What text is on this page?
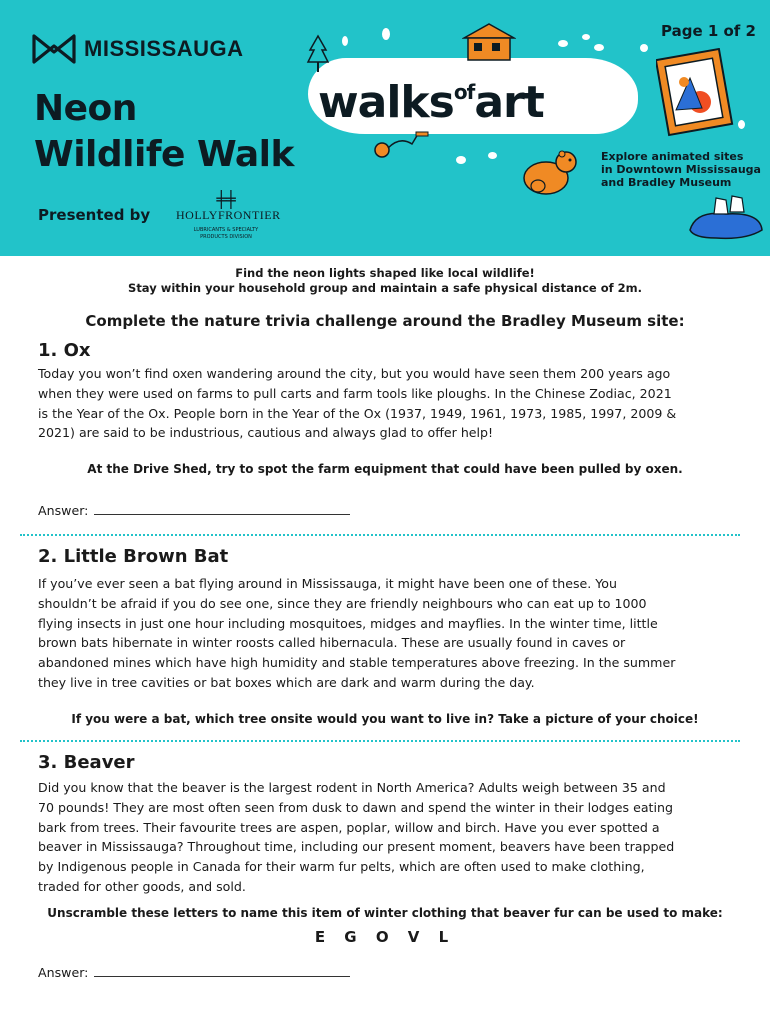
MISSISSAUGA
Page 1 of 2
Neon
Wildlife Walk
Presented by
╪╪
HOLLYFRONTIER
LUBRICANTS & SPECIALTY
PRODUCTS DIVISION
walks$^{of}$art
Explore animated sites
in Downtown Mississauga
and Bradley Museum
Find the neon lights shaped like local wildlife!
Stay within your household group and maintain a safe physical distance of 2m.
Complete the nature trivia challenge around the Bradley Museum site:
1. Ox
Today you won’t find oxen wandering around the city, but you would have seen them 200 years ago
when they were used on farms to pull carts and farm tools like ploughs. In the Chinese Zodiac, 2021
is the Year of the Ox. People born in the Year of the Ox (1937, 1949, 1961, 1973, 1985, 1997, 2009 &
2021) are said to be industrious, cautious and always glad to offer help!
At the Drive Shed, try to spot the farm equipment that could have been pulled by oxen.
Answer:
2. Little Brown Bat
If you’ve ever seen a bat flying around in Mississauga, it might have been one of these. You
shouldn’t be afraid if you do see one, since they are friendly neighbours who can eat up to 1000
flying insects in just one hour including mosquitoes, midges and mayflies. In the winter time, little
brown bats hibernate in winter roosts called hibernacula. These are usually found in caves or
abandoned mines which have high humidity and stable temperatures above freezing. In the summer
they live in tree cavities or bat boxes which are dark and warm during the day.
If you were a bat, which tree onsite would you want to live in? Take a picture of your choice!
3. Beaver
Did you know that the beaver is the largest rodent in North America? Adults weigh between 35 and
70 pounds! They are most often seen from dusk to dawn and spend the winter in their lodges eating
bark from trees. Their favourite trees are aspen, poplar, willow and birch. Have you ever spotted a
beaver in Mississauga? Throughout time, including our present moment, beavers have been trapped
by Indigenous people in Canada for their warm fur pelts, which are often used to make clothing,
traded for other goods, and sold.
Unscramble these letters to name this item of winter clothing that beaver fur can be used to make:
E G O V L
Answer:
